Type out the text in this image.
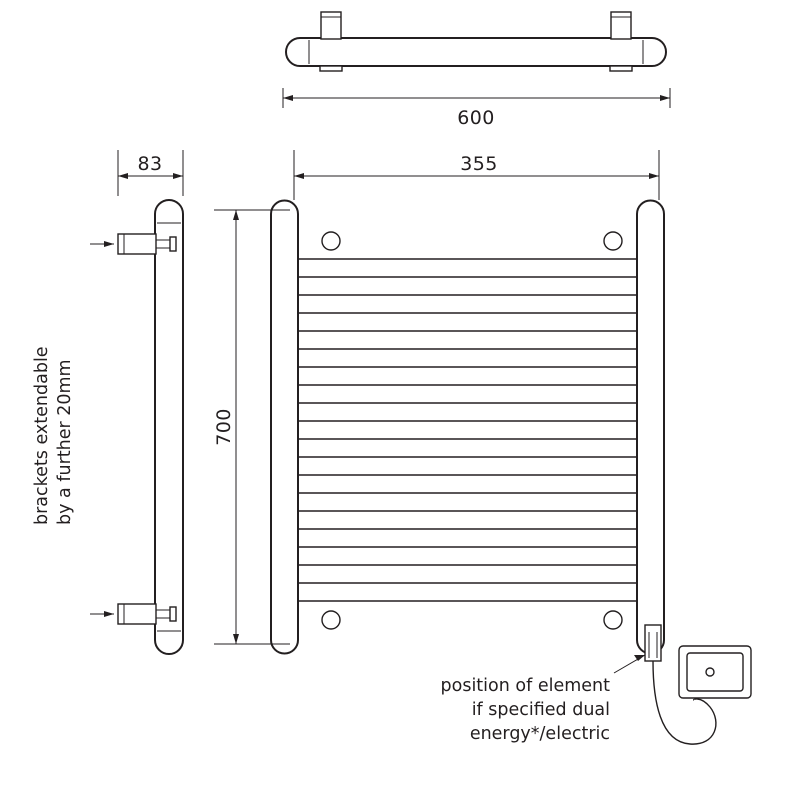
600
83
brackets extendable by a further 20mm
355
700
position of element
if specified dual
energy*/electric
